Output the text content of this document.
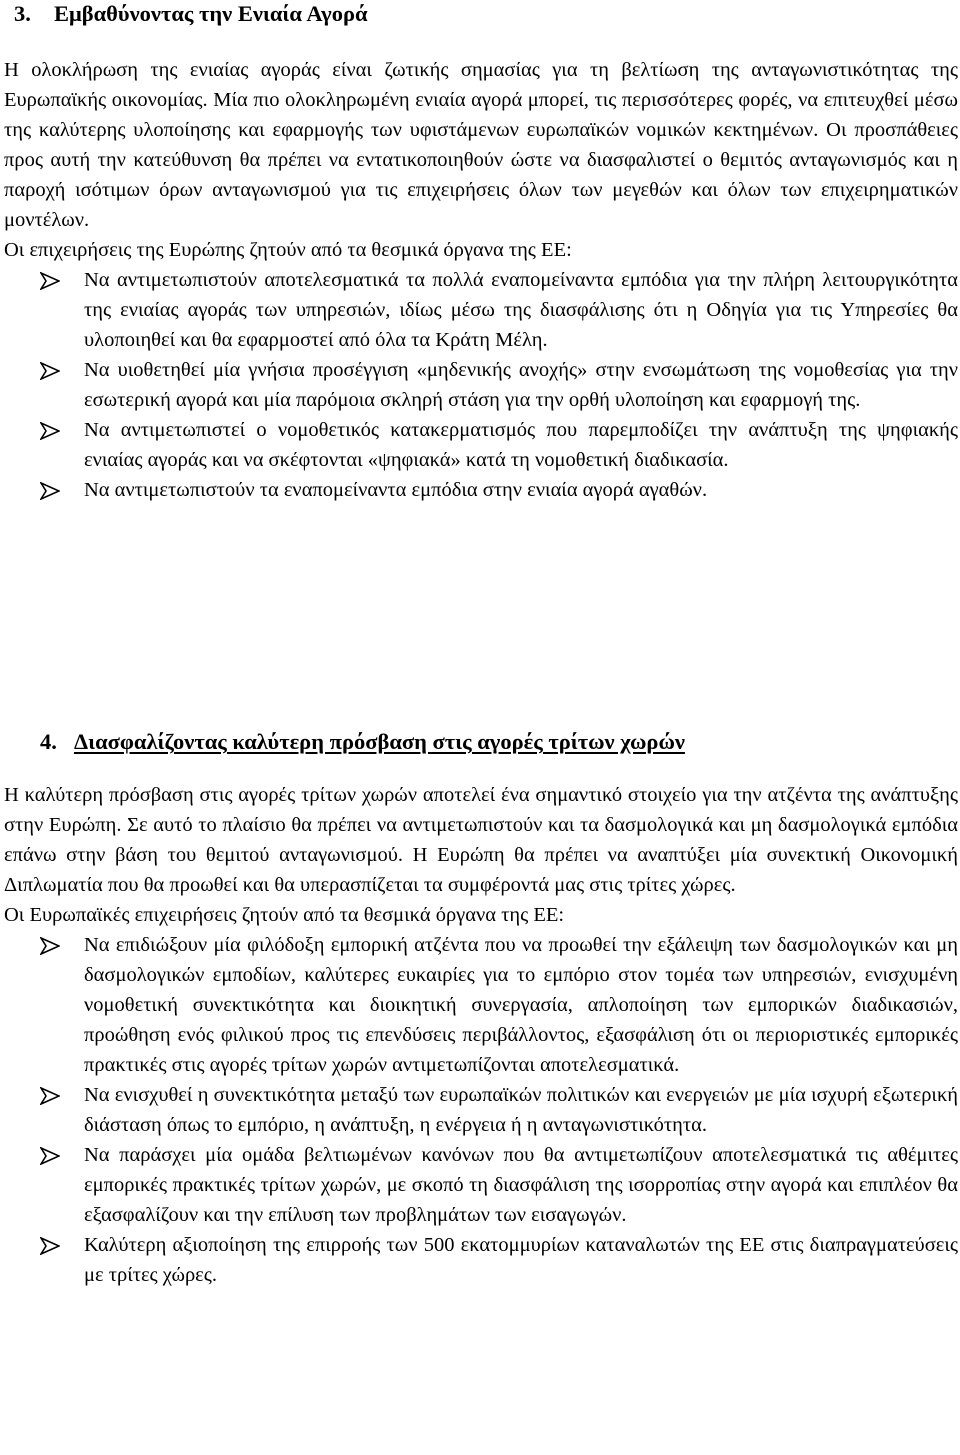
3. Εμβαθύνοντας την Ενιαία Αγορά

Η ολοκλήρωση της ενιαίας αγοράς είναι ζωτικής σημασίας για τη βελτίωση της ανταγωνιστικότητας της Ευρωπαϊκής οικονομίας. Μία πιο ολοκληρωμένη ενιαία αγορά μπορεί, τις περισσότερες φορές, να επιτευχθεί μέσω της καλύτερης υλοποίησης και εφαρμογής των υφιστάμενων ευρωπαϊκών νομικών κεκτημένων. Οι προσπάθειες προς αυτή την κατεύθυνση θα πρέπει να εντατικοποιηθούν ώστε να διασφαλιστεί ο θεμιτός ανταγωνισμός και η παροχή ισότιμων όρων ανταγωνισμού για τις επιχειρήσεις όλων των μεγεθών και όλων των επιχειρηματικών μοντέλων.

Οι επιχειρήσεις της Ευρώπης ζητούν από τα θεσμικά όργανα της ΕΕ:

Να αντιμετωπιστούν αποτελεσματικά τα πολλά εναπομείναντα εμπόδια για την πλήρη λειτουργικότητα της ενιαίας αγοράς των υπηρεσιών, ιδίως μέσω της διασφάλισης ότι η Οδηγία για τις Υπηρεσίες θα υλοποιηθεί και θα εφαρμοστεί από όλα τα Κράτη Μέλη.
Να υιοθετηθεί μία γνήσια προσέγγιση «μηδενικής ανοχής» στην ενσωμάτωση της νομοθεσίας για την εσωτερική αγορά και μία παρόμοια σκληρή στάση για την ορθή υλοποίηση και εφαρμογή της.
Να αντιμετωπιστεί ο νομοθετικός κατακερματισμός που παρεμποδίζει την ανάπτυξη της ψηφιακής ενιαίας αγοράς και να σκέφτονται «ψηφιακά» κατά τη νομοθετική διαδικασία.
Να αντιμετωπιστούν τα εναπομείναντα εμπόδια στην ενιαία αγορά αγαθών.
4. Διασφαλίζοντας καλύτερη πρόσβαση στις αγορές τρίτων χωρών

Η καλύτερη πρόσβαση στις αγορές τρίτων χωρών αποτελεί ένα σημαντικό στοιχείο για την ατζέντα της ανάπτυξης στην Ευρώπη. Σε αυτό το πλαίσιο θα πρέπει να αντιμετωπιστούν και τα δασμολογικά και μη δασμολογικά εμπόδια επάνω στην βάση του θεμιτού ανταγωνισμού. Η Ευρώπη θα πρέπει να αναπτύξει μία συνεκτική Οικονομική Διπλωματία που θα προωθεί και θα υπερασπίζεται τα συμφέροντά μας στις τρίτες χώρες.

Οι Ευρωπαϊκές επιχειρήσεις ζητούν από τα θεσμικά όργανα της ΕΕ:

Να επιδιώξουν μία φιλόδοξη εμπορική ατζέντα που να προωθεί την εξάλειψη των δασμολογικών και μη δασμολογικών εμποδίων, καλύτερες ευκαιρίες για το εμπόριο στον τομέα των υπηρεσιών, ενισχυμένη νομοθετική συνεκτικότητα και διοικητική συνεργασία, απλοποίηση των εμπορικών διαδικασιών, προώθηση ενός φιλικού προς τις επενδύσεις περιβάλλοντος, εξασφάλιση ότι οι περιοριστικές εμπορικές πρακτικές στις αγορές τρίτων χωρών αντιμετωπίζονται αποτελεσματικά.
Να ενισχυθεί η συνεκτικότητα μεταξύ των ευρωπαϊκών πολιτικών και ενεργειών με μία ισχυρή εξωτερική διάσταση όπως το εμπόριο, η ανάπτυξη, η ενέργεια ή η ανταγωνιστικότητα.
Να παράσχει μία ομάδα βελτιωμένων κανόνων που θα αντιμετωπίζουν αποτελεσματικά τις αθέμιτες εμπορικές πρακτικές τρίτων χωρών, με σκοπό τη διασφάλιση της ισορροπίας στην αγορά και επιπλέον θα εξασφαλίζουν και την επίλυση των προβλημάτων των εισαγωγών.
Καλύτερη αξιοποίηση της επιρροής των 500 εκατομμυρίων καταναλωτών της ΕΕ στις διαπραγματεύσεις με τρίτες χώρες.
